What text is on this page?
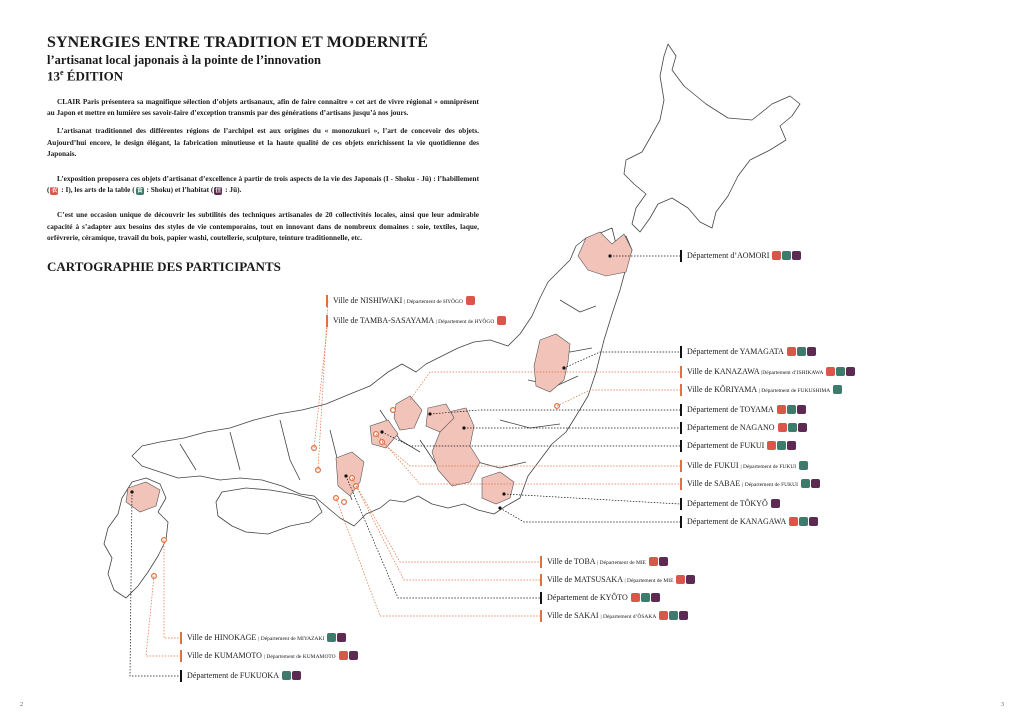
SYNERGIES ENTRE TRADITION ET MODERNITÉ
l’artisanat local japonais à la pointe de l’innovation
13e ÉDITION

CLAIR Paris présentera sa magnifique sélection d’objets artisanaux, afin de faire connaître « cet art de vivre régional » omniprésent au Japon et mettre en lumière ses savoir-faire d’exception transmis par des générations d’artisans jusqu’à nos jours.

L’artisanat traditionnel des différentes régions de l’archipel est aux origines du « monozukuri », l’art de concevoir des objets. Aujourd’hui encore, le design élégant, la fabrication minutieuse et la haute qualité de ces objets enrichissent la vie quotidienne des Japonais.

L’exposition proposera ces objets d’artisanat d’excellence à partir de trois aspects de la vie des Japonais (I - Shoku - Jû) : l’habillement ( 衣 : I), les arts de la table ( 食 : Shoku) et l’habitat ( 住 : Jû).

C’est une occasion unique de découvrir les subtilités des techniques artisanales de 20 collectivités locales, ainsi que leur admirable capacité à s’adapter aux besoins des styles de vie contemporains, tout en innovant dans de nombreux domaines : soie, textiles, laque, orfèvrerie, céramique, travail du bois, papier washi, coutellerie, sculpture, teinture traditionnelle, etc.

CARTOGRAPHIE DES PARTICIPANTS
Département d’AOMORI
Ville de NISHIWAKI | Département de HYÔGO
Ville de TAMBA-SASAYAMA | Département de HYÔGO
Département de YAMAGATA
Ville de KANAZAWA |Département d’ISHIKAWA
Ville de KÔRIYAMA | Département de FUKUSHIMA
Département de TOYAMA
Département de NAGANO
Département de FUKUI
Ville de FUKUI | Département de FUKUI
Ville de SABAE | Département de FUKUI
Département de TÔKYÔ
Département de KANAGAWA
Ville de TOBA | Département de MIE
Ville de MATSUSAKA | Département de MIE
Département de KYÔTO
Ville de SAKAI | Département d’ÔSAKA
Ville de HINOKAGE | Département de MIYAZAKI
Ville de KUMAMOTO | Département de KUMAMOTO
Département de FUKUOKA
2	3
